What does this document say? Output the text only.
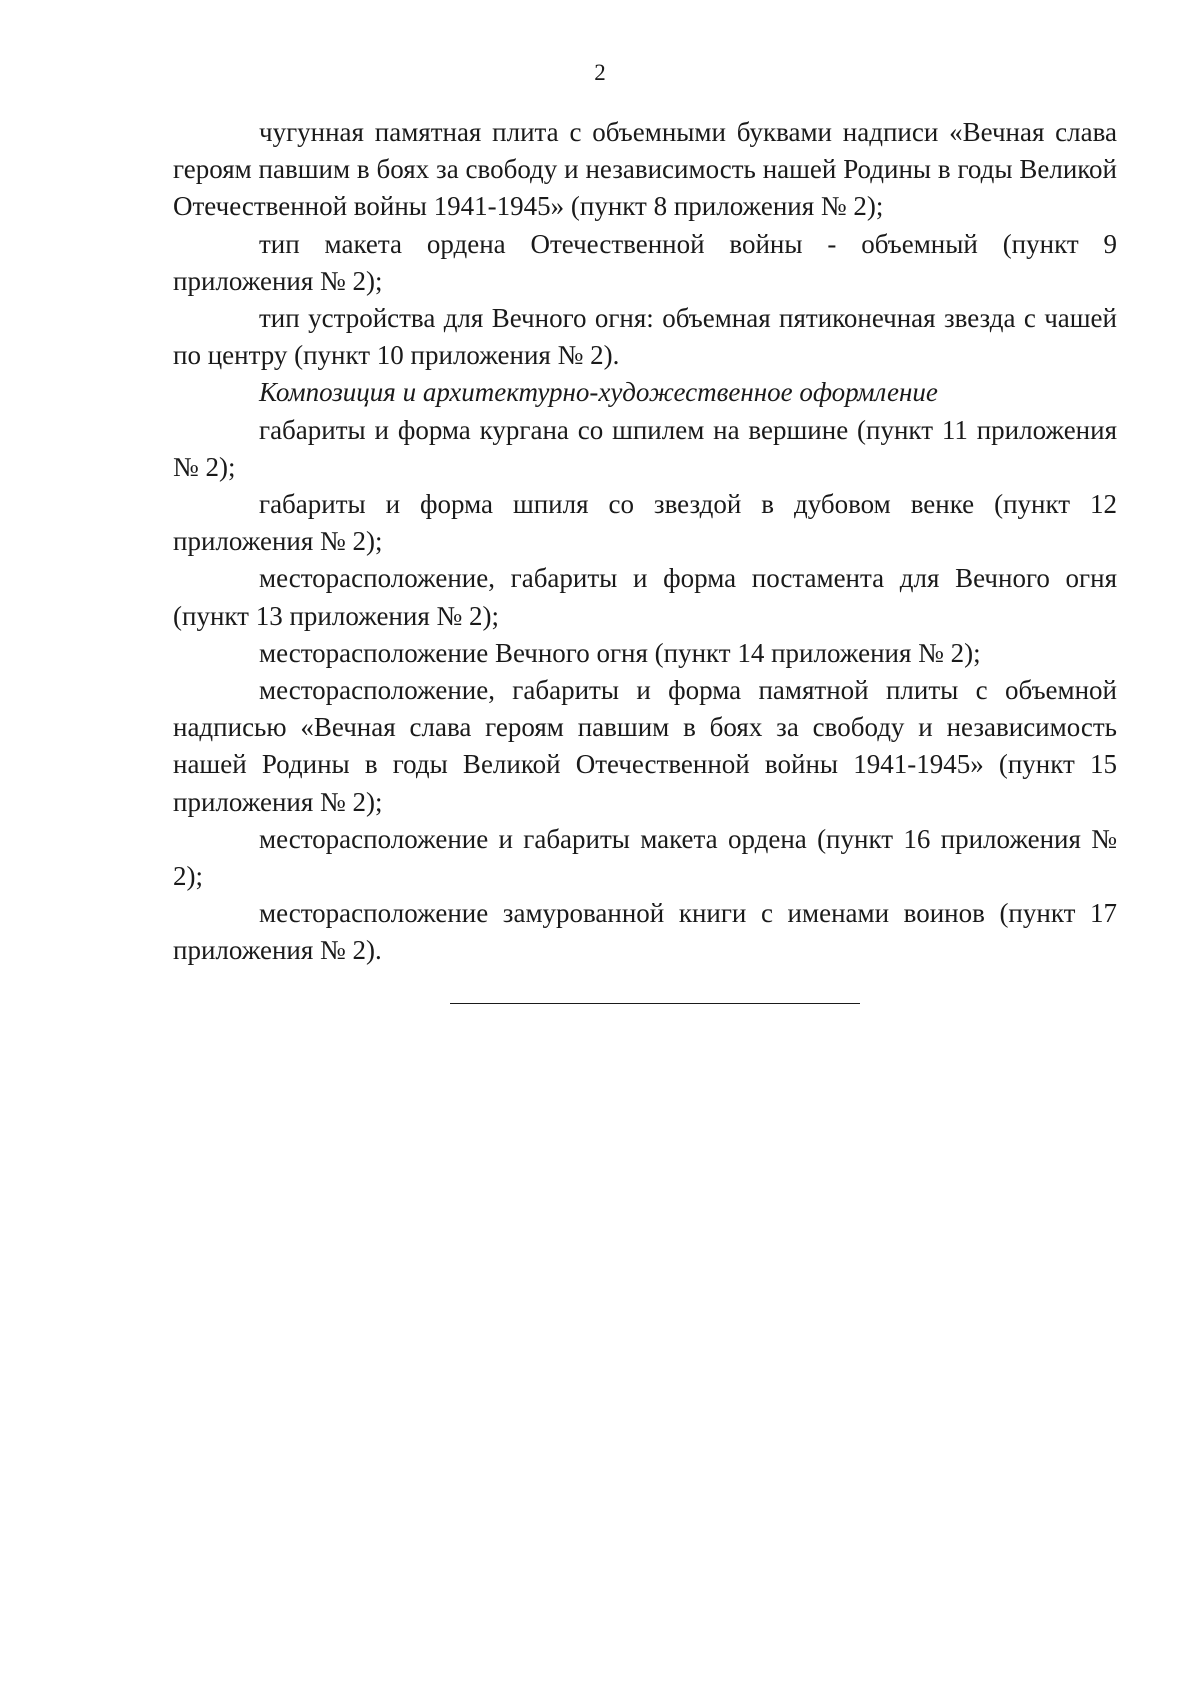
2

чугунная памятная плита с объемными буквами надписи «Вечная слава героям павшим в боях за свободу и независимость нашей Родины в годы Великой Отечественной войны 1941-1945» (пункт 8 приложения № 2);

тип макета ордена Отечественной войны - объемный (пункт 9 приложения № 2);

тип устройства для Вечного огня: объемная пятиконечная звезда с чашей по центру (пункт 10 приложения № 2).

Композиция и архитектурно-художественное оформление

габариты и форма кургана со шпилем на вершине (пункт 11 приложения № 2);

габариты и форма шпиля со звездой в дубовом венке (пункт 12 приложения № 2);

месторасположение, габариты и форма постамента для Вечного огня (пункт 13 приложения № 2);

месторасположение Вечного огня (пункт 14 приложения № 2);

месторасположение, габариты и форма памятной плиты с объемной надписью «Вечная слава героям павшим в боях за свободу и независимость нашей Родины в годы Великой Отечественной войны 1941-1945» (пункт 15 приложения № 2);

месторасположение и габариты макета ордена (пункт 16 приложения № 2);

месторасположение замурованной книги с именами воинов (пункт 17 приложения № 2).
